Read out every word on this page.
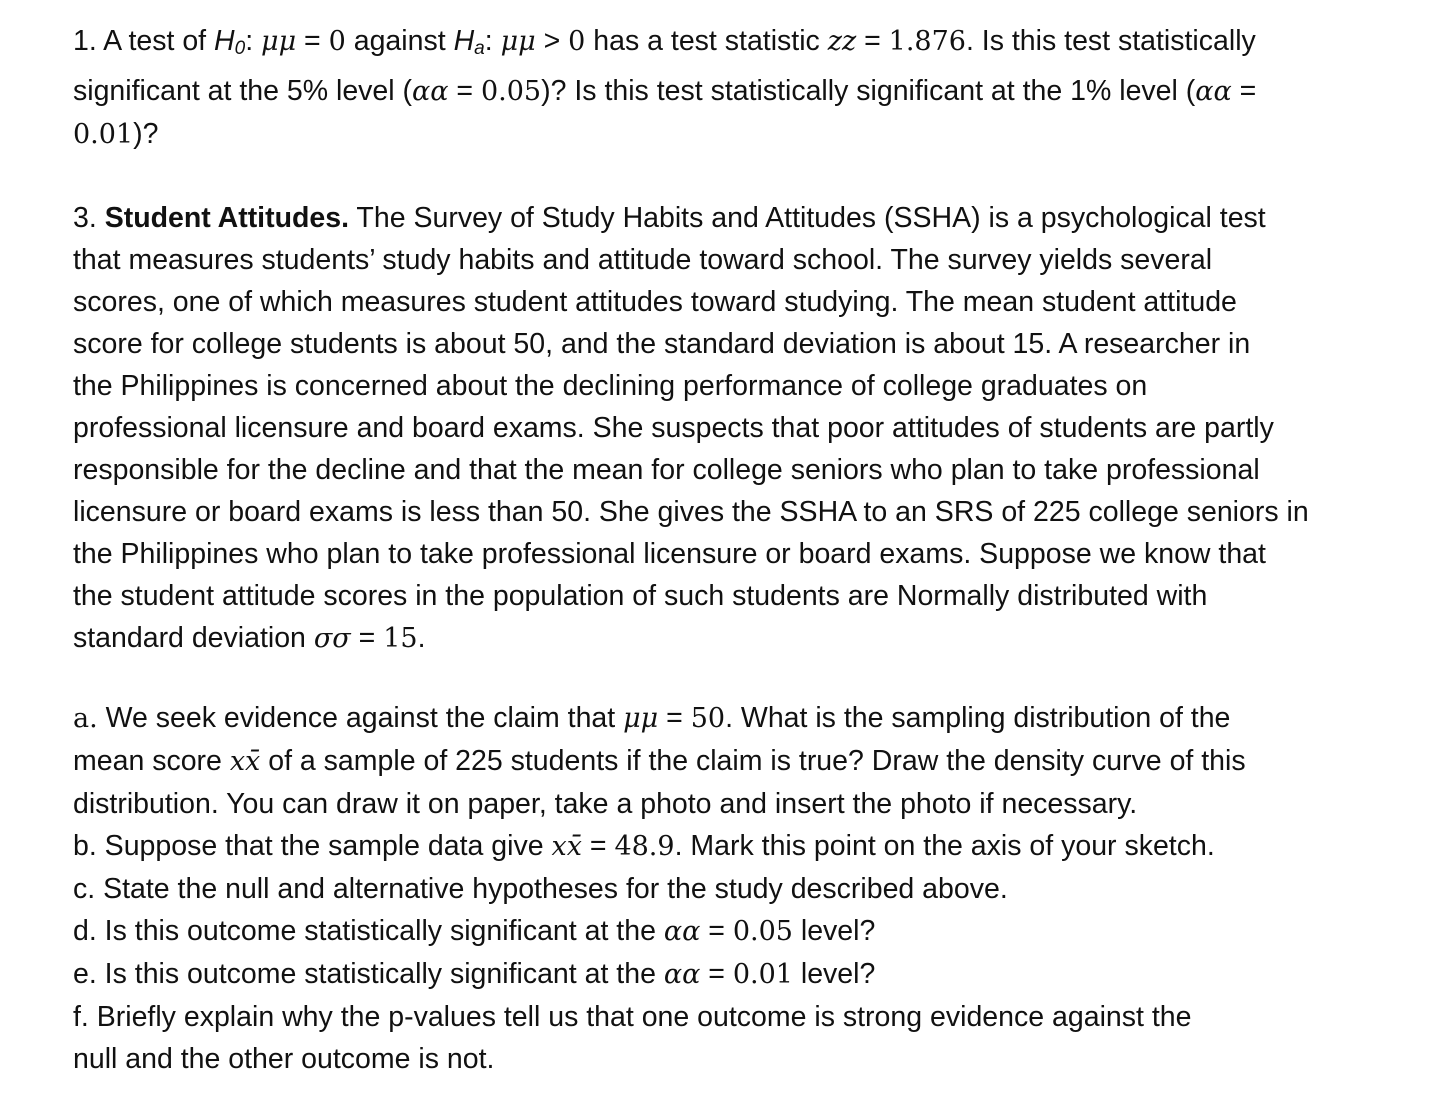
1. A test of $H_0$: μμ = 0 against $H_a$: μμ > 0 has a test statistic zz = 1.876. Is this test statistically
significant at the 5% level (αα = 0.05)? Is this test statistically significant at the 1% level (αα =
0.01)?
3. Student Attitudes. The Survey of Study Habits and Attitudes (SSHA) is a psychological test
that measures students’ study habits and attitude toward school. The survey yields several
scores, one of which measures student attitudes toward studying. The mean student attitude
score for college students is about 50, and the standard deviation is about 15. A researcher in
the Philippines is concerned about the declining performance of college graduates on
professional licensure and board exams. She suspects that poor attitudes of students are partly
responsible for the decline and that the mean for college seniors who plan to take professional
licensure or board exams is less than 50. She gives the SSHA to an SRS of 225 college seniors in
the Philippines who plan to take professional licensure or board exams. Suppose we know that
the student attitude scores in the population of such students are Normally distributed with
standard deviation σσ = 15.
a. We seek evidence against the claim that μμ = 50. What is the sampling distribution of the
mean score xx̄ of a sample of 225 students if the claim is true? Draw the density curve of this
distribution. You can draw it on paper, take a photo and insert the photo if necessary.
b. Suppose that the sample data give xx̄ = 48.9. Mark this point on the axis of your sketch.
c. State the null and alternative hypotheses for the study described above.
d. Is this outcome statistically significant at the αα = 0.05 level?
e. Is this outcome statistically significant at the αα = 0.01 level?
f. Briefly explain why the p-values tell us that one outcome is strong evidence against the
null and the other outcome is not.
